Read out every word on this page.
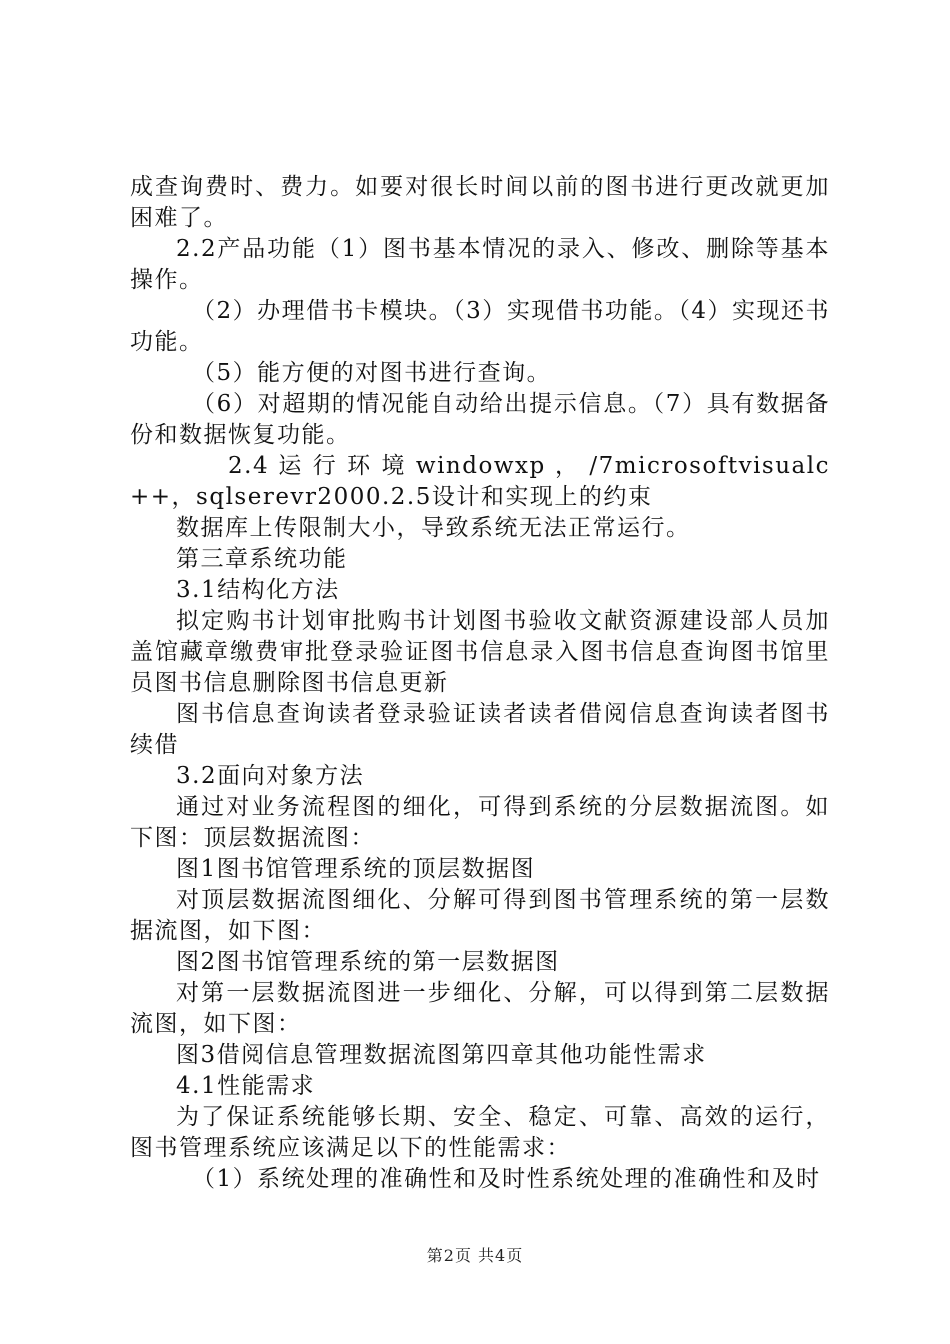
成查询费时、费力。如要对很长时间以前的图书进行更改就更加困难了。

2.2产品功能（1）图书基本情况的录入、修改、删除等基本操作。

（2）办理借书卡模块。（3）实现借书功能。（4）实现还书功能。

（5）能方便的对图书进行查询。

（6）对超期的情况能自动给出提示信息。（7）具有数据备份和数据恢复功能。

2.4 运 行 环 境 windowxp ， /7microsoftvisualc++，sqlserevr2000.2.5设计和实现上的约束

数据库上传限制大小，导致系统无法正常运行。

第三章系统功能

3.1结构化方法

拟定购书计划审批购书计划图书验收文献资源建设部人员加盖馆藏章缴费审批登录验证图书信息录入图书信息查询图书馆里员图书信息删除图书信息更新

图书信息查询读者登录验证读者读者借阅信息查询读者图书续借

3.2面向对象方法

通过对业务流程图的细化，可得到系统的分层数据流图。如下图：顶层数据流图：

图1图书馆管理系统的顶层数据图

对顶层数据流图细化、分解可得到图书管理系统的第一层数据流图，如下图：

图2图书馆管理系统的第一层数据图

对第一层数据流图进一步细化、分解，可以得到第二层数据流图，如下图：

图3借阅信息管理数据流图第四章其他功能性需求

4.1性能需求

为了保证系统能够长期、安全、稳定、可靠、高效的运行，图书管理系统应该满足以下的性能需求：

（1）系统处理的准确性和及时性系统处理的准确性和及时

第2页 共4页
